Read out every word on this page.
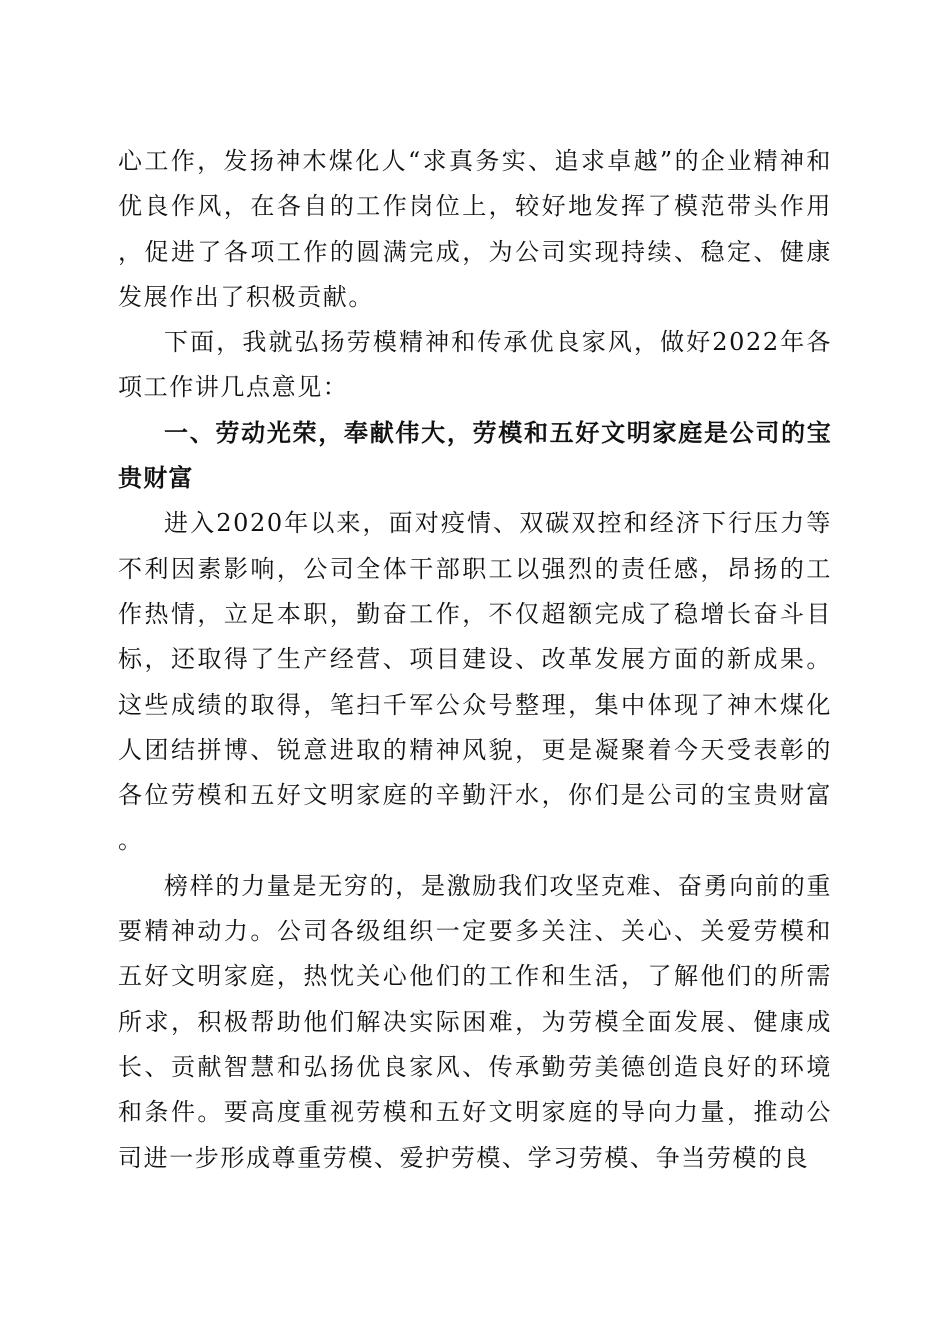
心工作，发扬神木煤化人“求真务实、追求卓越”的企业精神和优良作风，在各自的工作岗位上，较好地发挥了模范带头作用，促进了各项工作的圆满完成，为公司实现持续、稳定、健康发展作出了积极贡献。

下面，我就弘扬劳模精神和传承优良家风，做好2022年各项工作讲几点意见：

一、劳动光荣，奉献伟大，劳模和五好文明家庭是公司的宝贵财富

进入2020年以来，面对疫情、双碳双控和经济下行压力等不利因素影响，公司全体干部职工以强烈的责任感，昂扬的工作热情，立足本职，勤奋工作，不仅超额完成了稳增长奋斗目标，还取得了生产经营、项目建设、改革发展方面的新成果。这些成绩的取得，笔扫千军公众号整理，集中体现了神木煤化人团结拼博、锐意进取的精神风貌，更是凝聚着今天受表彰的各位劳模和五好文明家庭的辛勤汗水，你们是公司的宝贵财富。

榜样的力量是无穷的，是激励我们攻坚克难、奋勇向前的重要精神动力。公司各级组织一定要多关注、关心、关爱劳模和五好文明家庭，热忱关心他们的工作和生活，了解他们的所需所求，积极帮助他们解决实际困难，为劳模全面发展、健康成长、贡献智慧和弘扬优良家风、传承勤劳美德创造良好的环境和条件。要高度重视劳模和五好文明家庭的导向力量，推动公司进一步形成尊重劳模、爱护劳模、学习劳模、争当劳模的良
